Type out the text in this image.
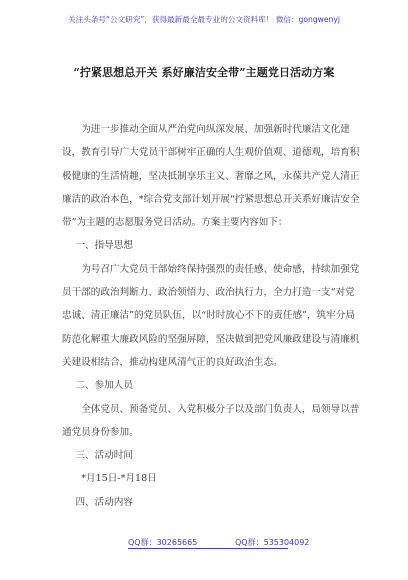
关注头条号“公文研究”，获得最新最全最专业的公文资料库！ 微信：gongwenyj
“拧紧思想总开关 系好廉洁安全带”主题党日活动方案

为进一步推动全面从严治党向纵深发展、加强新时代廉洁文化建设，教育引导广大党员干部树牢正确的人生观价值观、道德观，培育积极健康的生活情趣，坚决抵制享乐主义、奢靡之风，永葆共产党人清正廉洁的政治本色，*综合党支部计划开展“拧紧思想总开关系好廉洁安全带”为主题的志愿服务党日活动。方案主要内容如下：

一、指导思想

为号召广大党员干部始终保持强烈的责任感、使命感，持续加强党员干部的政治判断力、政治领悟力、政治执行力，全力打造一支“对党忠诚、清正廉洁”的党员队伍，以“时时放心不下的责任感”，筑牢分局防范化解重大廉政风险的坚强屏障，坚决做到把党风廉政建设与清廉机关建设相结合，推动构建风清气正的良好政治生态。

二、参加人员

全体党员、预备党员、入党积极分子以及部门负责人，局领导以普通党员身份参加。

三、活动时间

*月15日-*月18日

四、活动内容

QQ群：30265665	QQ群：535304092
